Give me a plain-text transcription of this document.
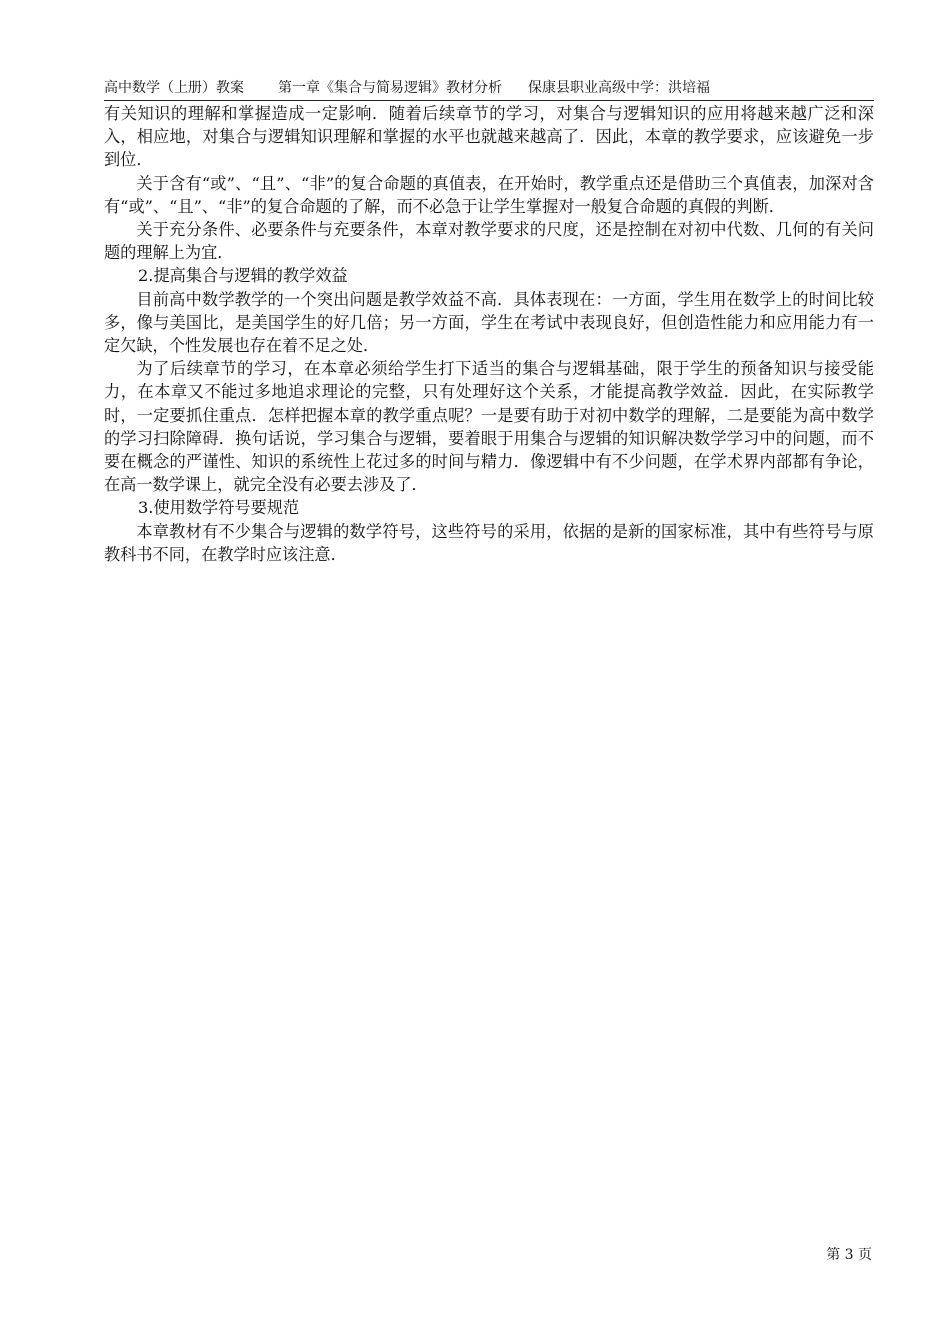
高中数学（上册）教案 第一章《集合与简易逻辑》教材分析 保康县职业高级中学：洪培福

有关知识的理解和掌握造成一定影响．随着后续章节的学习，对集合与逻辑知识的应用将越来越广泛和深入，相应地，对集合与逻辑知识理解和掌握的水平也就越来越高了．因此，本章的教学要求，应该避免一步到位．

关于含有“或”、“且”、“非”的复合命题的真值表，在开始时，教学重点还是借助三个真值表，加深对含有“或”、“且”、“非”的复合命题的了解，而不必急于让学生掌握对一般复合命题的真假的判断．

关于充分条件、必要条件与充要条件，本章对教学要求的尺度，还是控制在对初中代数、几何的有关问题的理解上为宜．

2.提高集合与逻辑的教学效益

目前高中数学教学的一个突出问题是教学效益不高．具体表现在：一方面，学生用在数学上的时间比较多，像与美国比，是美国学生的好几倍；另一方面，学生在考试中表现良好，但创造性能力和应用能力有一定欠缺，个性发展也存在着不足之处．

为了后续章节的学习，在本章必须给学生打下适当的集合与逻辑基础，限于学生的预备知识与接受能力，在本章又不能过多地追求理论的完整，只有处理好这个关系，才能提高教学效益．因此，在实际教学时，一定要抓住重点．怎样把握本章的教学重点呢？一是要有助于对初中数学的理解，二是要能为高中数学的学习扫除障碍．换句话说，学习集合与逻辑，要着眼于用集合与逻辑的知识解决数学学习中的问题，而不要在概念的严谨性、知识的系统性上花过多的时间与精力．像逻辑中有不少问题，在学术界内部都有争论，在高一数学课上，就完全没有必要去涉及了．

3.使用数学符号要规范

本章教材有不少集合与逻辑的数学符号，这些符号的采用，依据的是新的国家标准，其中有些符号与原教科书不同，在教学时应该注意．

第 3 页
